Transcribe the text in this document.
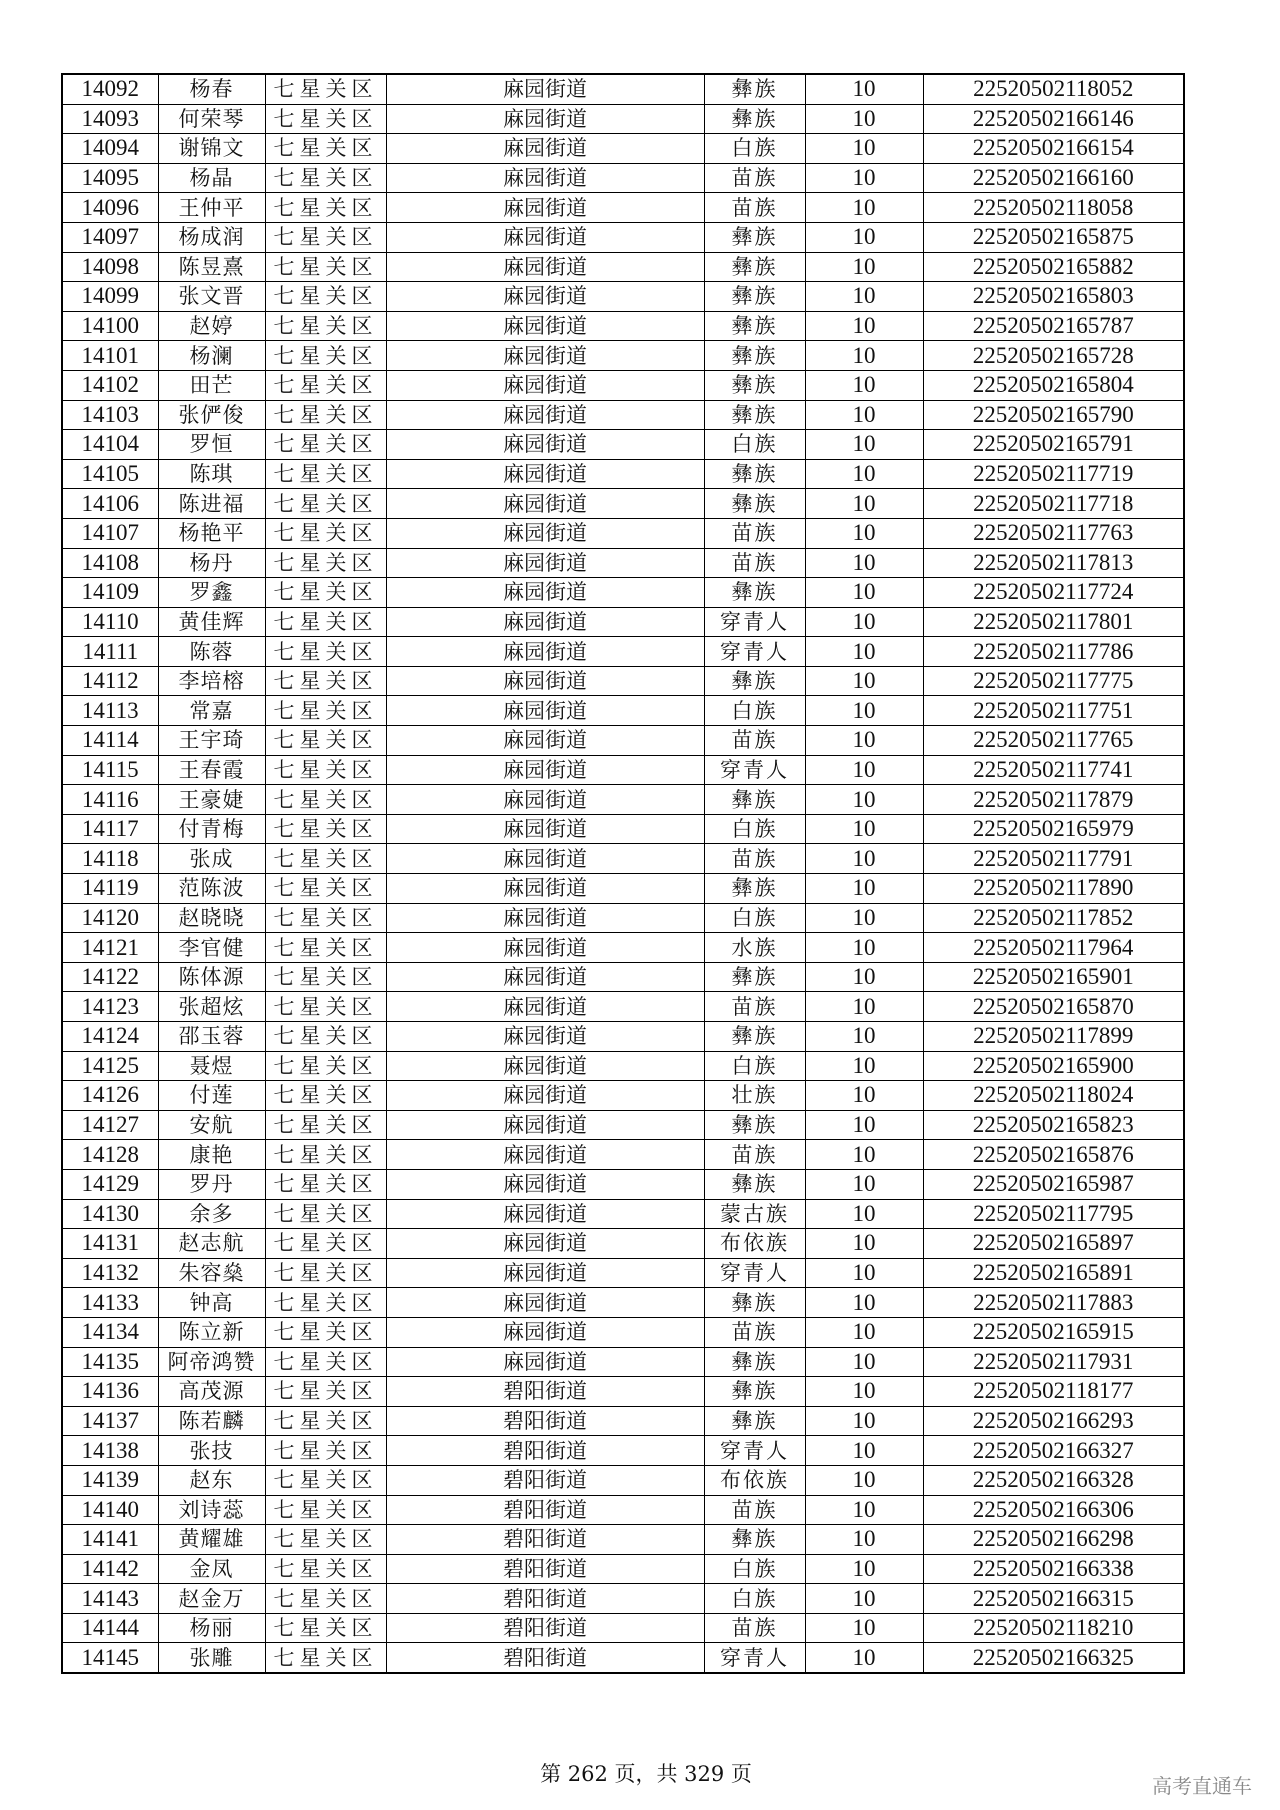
14092	杨春	七星关区	麻园街道	彝族	10	22520502118052
14093	何荣琴	七星关区	麻园街道	彝族	10	22520502166146
14094	谢锦文	七星关区	麻园街道	白族	10	22520502166154
14095	杨晶	七星关区	麻园街道	苗族	10	22520502166160
14096	王仲平	七星关区	麻园街道	苗族	10	22520502118058
14097	杨成润	七星关区	麻园街道	彝族	10	22520502165875
14098	陈昱熹	七星关区	麻园街道	彝族	10	22520502165882
14099	张文晋	七星关区	麻园街道	彝族	10	22520502165803
14100	赵婷	七星关区	麻园街道	彝族	10	22520502165787
14101	杨澜	七星关区	麻园街道	彝族	10	22520502165728
14102	田芒	七星关区	麻园街道	彝族	10	22520502165804
14103	张俨俊	七星关区	麻园街道	彝族	10	22520502165790
14104	罗恒	七星关区	麻园街道	白族	10	22520502165791
14105	陈琪	七星关区	麻园街道	彝族	10	22520502117719
14106	陈进福	七星关区	麻园街道	彝族	10	22520502117718
14107	杨艳平	七星关区	麻园街道	苗族	10	22520502117763
14108	杨丹	七星关区	麻园街道	苗族	10	22520502117813
14109	罗鑫	七星关区	麻园街道	彝族	10	22520502117724
14110	黄佳辉	七星关区	麻园街道	穿青人	10	22520502117801
14111	陈蓉	七星关区	麻园街道	穿青人	10	22520502117786
14112	李培榕	七星关区	麻园街道	彝族	10	22520502117775
14113	常嘉	七星关区	麻园街道	白族	10	22520502117751
14114	王宇琦	七星关区	麻园街道	苗族	10	22520502117765
14115	王春霞	七星关区	麻园街道	穿青人	10	22520502117741
14116	王豪婕	七星关区	麻园街道	彝族	10	22520502117879
14117	付青梅	七星关区	麻园街道	白族	10	22520502165979
14118	张成	七星关区	麻园街道	苗族	10	22520502117791
14119	范陈波	七星关区	麻园街道	彝族	10	22520502117890
14120	赵晓晓	七星关区	麻园街道	白族	10	22520502117852
14121	李官健	七星关区	麻园街道	水族	10	22520502117964
14122	陈体源	七星关区	麻园街道	彝族	10	22520502165901
14123	张超炫	七星关区	麻园街道	苗族	10	22520502165870
14124	邵玉蓉	七星关区	麻园街道	彝族	10	22520502117899
14125	聂煜	七星关区	麻园街道	白族	10	22520502165900
14126	付莲	七星关区	麻园街道	壮族	10	22520502118024
14127	安航	七星关区	麻园街道	彝族	10	22520502165823
14128	康艳	七星关区	麻园街道	苗族	10	22520502165876
14129	罗丹	七星关区	麻园街道	彝族	10	22520502165987
14130	余多	七星关区	麻园街道	蒙古族	10	22520502117795
14131	赵志航	七星关区	麻园街道	布依族	10	22520502165897
14132	朱容燊	七星关区	麻园街道	穿青人	10	22520502165891
14133	钟高	七星关区	麻园街道	彝族	10	22520502117883
14134	陈立新	七星关区	麻园街道	苗族	10	22520502165915
14135	阿帝鸿赞	七星关区	麻园街道	彝族	10	22520502117931
14136	高茂源	七星关区	碧阳街道	彝族	10	22520502118177
14137	陈若麟	七星关区	碧阳街道	彝族	10	22520502166293
14138	张技	七星关区	碧阳街道	穿青人	10	22520502166327
14139	赵东	七星关区	碧阳街道	布依族	10	22520502166328
14140	刘诗蕊	七星关区	碧阳街道	苗族	10	22520502166306
14141	黄耀雄	七星关区	碧阳街道	彝族	10	22520502166298
14142	金凤	七星关区	碧阳街道	白族	10	22520502166338
14143	赵金万	七星关区	碧阳街道	白族	10	22520502166315
14144	杨丽	七星关区	碧阳街道	苗族	10	22520502118210
14145	张雕	七星关区	碧阳街道	穿青人	10	22520502166325
第 262 页，共 329 页	高考直通车
